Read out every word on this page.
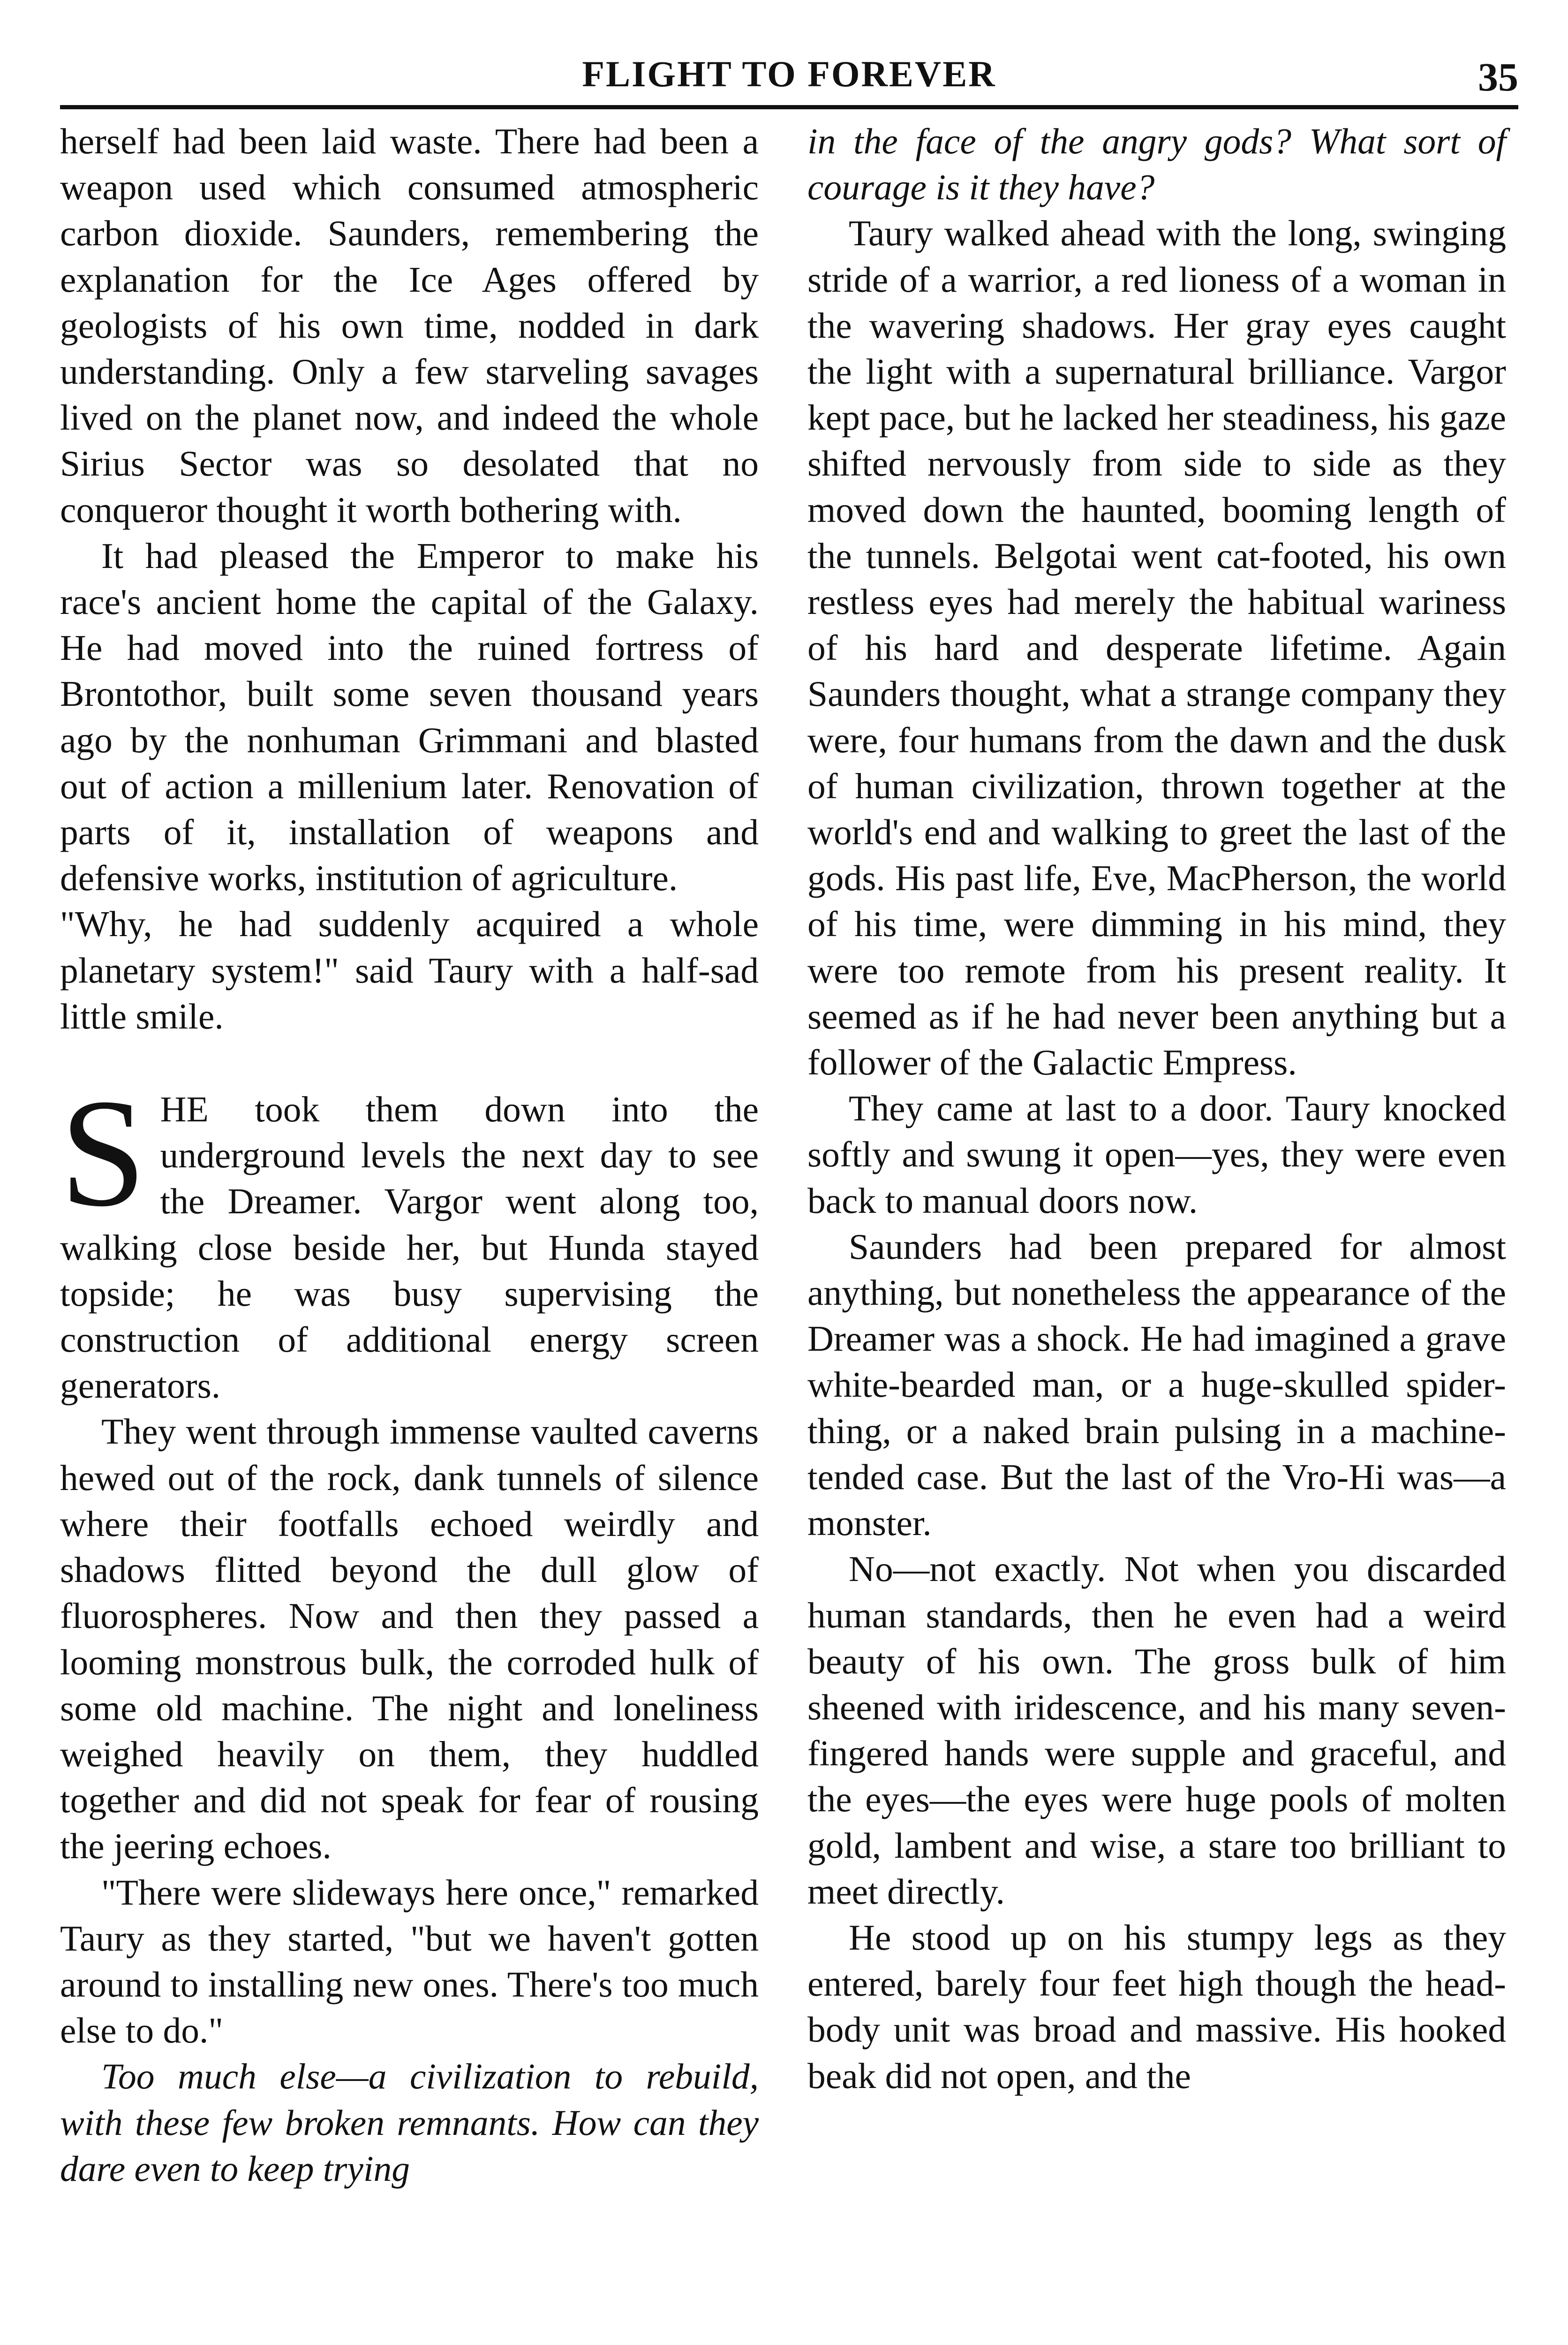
FLIGHT TO FOREVER	35

herself had been laid waste. There had been a weapon used which consumed atmospheric carbon dioxide. Saunders, remembering the explanation for the Ice Ages offered by geologists of his own time, nodded in dark understanding. Only a few starveling savages lived on the planet now, and indeed the whole Sirius Sector was so desolated that no conqueror thought it worth bothering with.

It had pleased the Emperor to make his race's ancient home the capital of the Galaxy. He had moved into the ruined fortress of Brontothor, built some seven thousand years ago by the nonhuman Grimmani and blasted out of action a millenium later. Renovation of parts of it, installation of weapons and defensive works, institution of agriculture.

"Why, he had suddenly acquired a whole planetary system!" said Taury with a half-sad little smile.

SHE took them down into the underground levels the next day to see the Dreamer. Vargor went along too, walking close beside her, but Hunda stayed topside; he was busy supervising the construction of additional energy screen generators.

They went through immense vaulted caverns hewed out of the rock, dank tunnels of silence where their footfalls echoed weirdly and shadows flitted beyond the dull glow of fluorospheres. Now and then they passed a looming monstrous bulk, the corroded hulk of some old machine. The night and loneliness weighed heavily on them, they huddled together and did not speak for fear of rousing the jeering echoes.

"There were slideways here once," remarked Taury as they started, "but we haven't gotten around to installing new ones. There's too much else to do."

Too much else—a civilization to rebuild, with these few broken remnants. How can they dare even to keep trying

in the face of the angry gods? What sort of courage is it they have?

Taury walked ahead with the long, swinging stride of a warrior, a red lioness of a woman in the wavering shadows. Her gray eyes caught the light with a supernatural brilliance. Vargor kept pace, but he lacked her steadiness, his gaze shifted nervously from side to side as they moved down the haunted, booming length of the tunnels. Belgotai went cat-footed, his own restless eyes had merely the habitual wariness of his hard and desperate lifetime. Again Saunders thought, what a strange company they were, four humans from the dawn and the dusk of human civilization, thrown together at the world's end and walking to greet the last of the gods. His past life, Eve, MacPherson, the world of his time, were dimming in his mind, they were too remote from his present reality. It seemed as if he had never been anything but a follower of the Galactic Empress.

They came at last to a door. Taury knocked softly and swung it open—yes, they were even back to manual doors now.

Saunders had been prepared for almost anything, but nonetheless the appearance of the Dreamer was a shock. He had imagined a grave white-bearded man, or a huge-skulled spider-thing, or a naked brain pulsing in a machine-tended case. But the last of the Vro-Hi was—a monster.

No—not exactly. Not when you discarded human standards, then he even had a weird beauty of his own. The gross bulk of him sheened with iridescence, and his many seven-fingered hands were supple and graceful, and the eyes—the eyes were huge pools of molten gold, lambent and wise, a stare too brilliant to meet directly.

He stood up on his stumpy legs as they entered, barely four feet high though the head-body unit was broad and massive. His hooked beak did not open, and the
